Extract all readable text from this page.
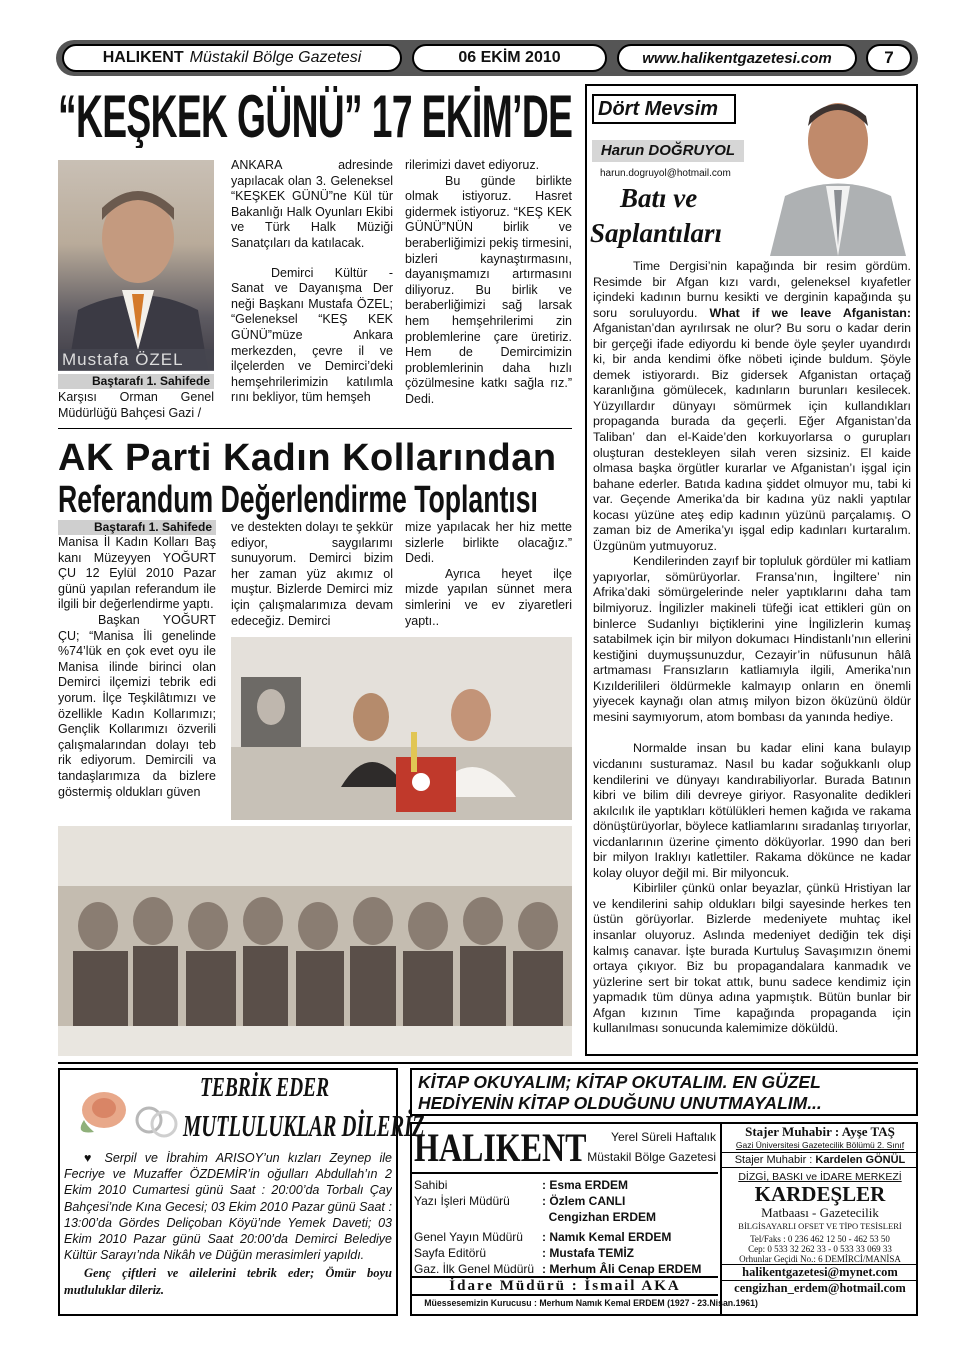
HALIKENT Müstakil Bölge Gazetesi	06 EKİM 2010	www.halikentgazetesi.com	7
“KEŞKEK GÜNÜ” 17 EKİM’DE
Mustafa ÖZEL
Baştarafı 1. Sahifede
Karşısı Orman Genel Müdürlüğü Bahçesi Gazi /

ANKARA adresinde yapılacak olan 3. Geleneksel “KEŞKEK GÜNÜ”ne Kül tür Bakanlığı Halk Oyunları Ekibi ve Türk Halk Müziği Sanatçıları da katılacak.

Demirci Kültür - Sanat ve Dayanışma Der neği Başkanı Mustafa ÖZEL; “Geleneksel “KEŞ KEK GÜNÜ”müze Ankara merkezden, çevre il ve ilçelerden ve Demirci’deki hemşehrilerimizin katılımla rını bekliyor, tüm hemşeh

rilerimizi davet ediyoruz.

Bu günde birlikte olmak istiyoruz. Hasret gidermek istiyoruz. “KEŞ KEK GÜNÜ”NÜN birlik ve beraberliğimizi pekiş tirmesini, bizleri kaynaştırmasını, dayanışmamızı artırmasını diliyoruz. Bu birlik ve beraberliğimizi sağ larsak hem hemşehrilerimi zin problemlerine çare üretiriz. Hem de Demircimizin problemlerinin daha hızlı çözülmesine katkı sağla rız.” Dedi.

AK Parti Kadın Kollarından
Referandum Değerlendirme Toplantısı
Baştarafı 1. Sahifede

Manisa İl Kadın Kolları Baş kanı Müzeyyen YOĞURT ÇU 12 Eylül 2010 Pazar günü yapılan referandum ile ilgili bir değerlendirme yaptı.

Başkan YOĞURT ÇU; “Manisa İli genelinde %74’lük en çok evet oyu ile Manisa ilinde birinci olan Demirci ilçemizi tebrik edi yorum. İlçe Teşkilâtımızı ve özellikle Kadın Kollarımızı; Gençlik Kollarımızı özverili çalışmalarından dolayı teb rik ediyorum. Demircili va tandaşlarımıza da bizlere göstermiş oldukları güven

ve destekten dolayı te şekkür ediyor, saygılarımı sunuyorum. Demirci bizim her zaman yüz akımız ol muştur. Bizlerde Demirci miz için çalışmalarımıza devam edeceğiz. Demirci

mize yapılacak her hiz mette sizlerle birlikte olacağız.” Dedi.

Ayrıca heyet ilçe mizde yapılan sünnet mera simlerini ve ev ziyaretleri yaptı..

Dört Mevsim
Harun DOĞRUYOL
harun.dogruyol@hotmail.com
Batı ve
Saplantıları

Time Dergisi’nin kapağında bir resim gördüm. Resimde bir Afgan kızı vardı, geleneksel kıyafetler içindeki kadının burnu kesikti ve derginin kapağında şu soru soruluyordu. What if we leave Afganistan: Afganistan’dan ayrılırsak ne olur? Bu soru o kadar derin bir gerçeği ifade ediyordu ki bende öyle şeyler uyandırdı ki, bir anda kendimi öfke nöbeti içinde buldum. Şöyle demek istiyorardı. Biz gidersek Afganistan ortaçağ karanlığına gömülecek, kadınların burunları kesilecek. Yüzyıllardır dünyayı sömürmek için kullandıkları propaganda burada da geçerli. Eğer Afganistan’da Taliban’ dan el-Kaide’den korkuyorlarsa o gurupları oluşturan destekleyen silah veren sizsiniz. El kaide olmasa başka örgütler kurarlar ve Afganistan’ı işgal için bahane ederler. Batıda kadına şiddet olmuyor mu, tabi ki var. Geçende Amerika’da bir kadına yüz nakli yaptılar kocası yüzüne ateş edip kadının yüzünü parçalamış. O zaman biz de Amerika’yı işgal edip kadınları kurtaralım. Üzgünüm yutmuyoruz.

Kendilerinden zayıf bir topluluk gördüler mi katliam yapıyorlar, sömürüyorlar. Fransa’nın, İngiltere’ nin Afrika’daki sömürgelerinde neler yaptıklarını daha tam bilmiyoruz. İngilizler makineli tüfeği icat ettikleri gün on binlerce Sudanlıyı biçtiklerini yine İngilizlerin kumaş satabilmek için bir milyon dokumacı Hindistanlı’nın ellerini kestiğini duymuşsunuzdur, Cezayir’in nüfusunun hâlâ artmaması Fransızların katliamıyla ilgili, Amerika’nın Kızılderilileri öldürmekle kalmayıp onların en önemli yiyecek kaynağı olan atmış milyon bizon öküzünü öldür mesini saymıyorum, atom bombası da yanında hediye.

Normalde insan bu kadar elini kana bulayıp vicdanını susturamaz. Nasıl bu kadar soğukkanlı olup kendilerini ve dünyayı kandırabiliyorlar. Burada Batının kibri ve bilim dili devreye giriyor. Rasyonalite dedikleri akılcılık ile yaptıkları kötülükleri hemen kağıda ve rakama dönüştürüyorlar, böylece katliamlarını sıradanlaş tırıyorlar, vicdanlarının üzerine çimento döküyorlar. 1990 dan beri bir milyon Iraklıyı katlettiler. Rakama dökünce ne kadar kolay oluyor değil mi. Bir milyoncuk.

Kibirliler çünkü onlar beyazlar, çünkü Hristiyan lar ve kendilerini sahip oldukları bilgi sayesinde herkes ten üstün görüyorlar. Bizlerde medeniyete muhtaç ikel insanlar oluyoruz. Aslında medeniyet dediğin tek dişi kalmış canavar. İşte burada Kurtuluş Savaşımızın önemi ortaya çıkıyor. Biz bu propagandalara kanmadık ve yüzlerine sert bir tokat attık, bunu sadece kendimiz için yapmadık tüm dünya adına yapmıştık. Bütün bunlar bir Afgan kızının Time kapağında propaganda için kullanılması sonucunda kalemimize döküldü.

TEBRİK EDER
MUTLULUKLAR DİLERİZ
♥ Serpil ve İbrahim ARISOY’un kızları Zeynep ile Fecriye ve Muzaffer ÖZDEMİR’in oğulları Abdullah’ın 2 Ekim 2010 Cumartesi günü Saat : 20:00’da Torbalı Çay Bahçesi’nde Kına Gecesi; 03 Ekim 2010 Pazar günü Saat : 13:00’da Gördes Deliçoban Köyü’nde Yemek Daveti; 03 Ekim 2010 Pazar günü Saat 20:00’da Demirci Belediye Kültür Sarayı’nda Nikâh ve Düğün merasimleri yapıldı.
Genç çiftleri ve ailelerini tebrik eder; Ömür boyu mutluluklar dileriz.
KİTAP OKUYALIM; KİTAP OKUTALIM. EN GÜZEL
HEDİYENİN KİTAP OLDUĞUNU UNUTMAYALIM...
HALIKENT	Yerel Süreli Haftalık
Müstakil Bölge Gazetesi
Sahibi	: Esma ERDEM
Yazı İşleri Müdürü	: Özlem CANLI
Cengizhan ERDEM
Genel Yayın Müdürü	: Namık Kemal ERDEM
Sayfa Editörü	: Mustafa TEMİZ
Gaz. İlk Genel Müdürü : Merhum Âli Cenap ERDEM
İdare Müdürü : İsmail AKA
Müessesemizin Kurucusu : Merhum Namık Kemal ERDEM (1927 - 23.Nisan.1961)
Stajer Muhabir : Ayşe TAŞ
Gazi Üniversitesi Gazetecilik Bölümü 2. Sınıf
Stajer Muhabir : Kardelen GÖNÜL
DİZGİ, BASKI ve İDARE MERKEZİ
KARDEŞLER
Matbaası - Gazetecilik
BİLGİSAYARLI OFSET VE TİPO TESİSLERİ
Tel/Faks : 0 236 462 12 50 - 462 53 50
Cep: 0 533 32 262 33 - 0 533 33 069 33
Orhunlar Geçidi No.: 6 DEMİRCİ/MANİSA
halikentgazetesi@mynet.com
cengizhan_erdem@hotmail.com
